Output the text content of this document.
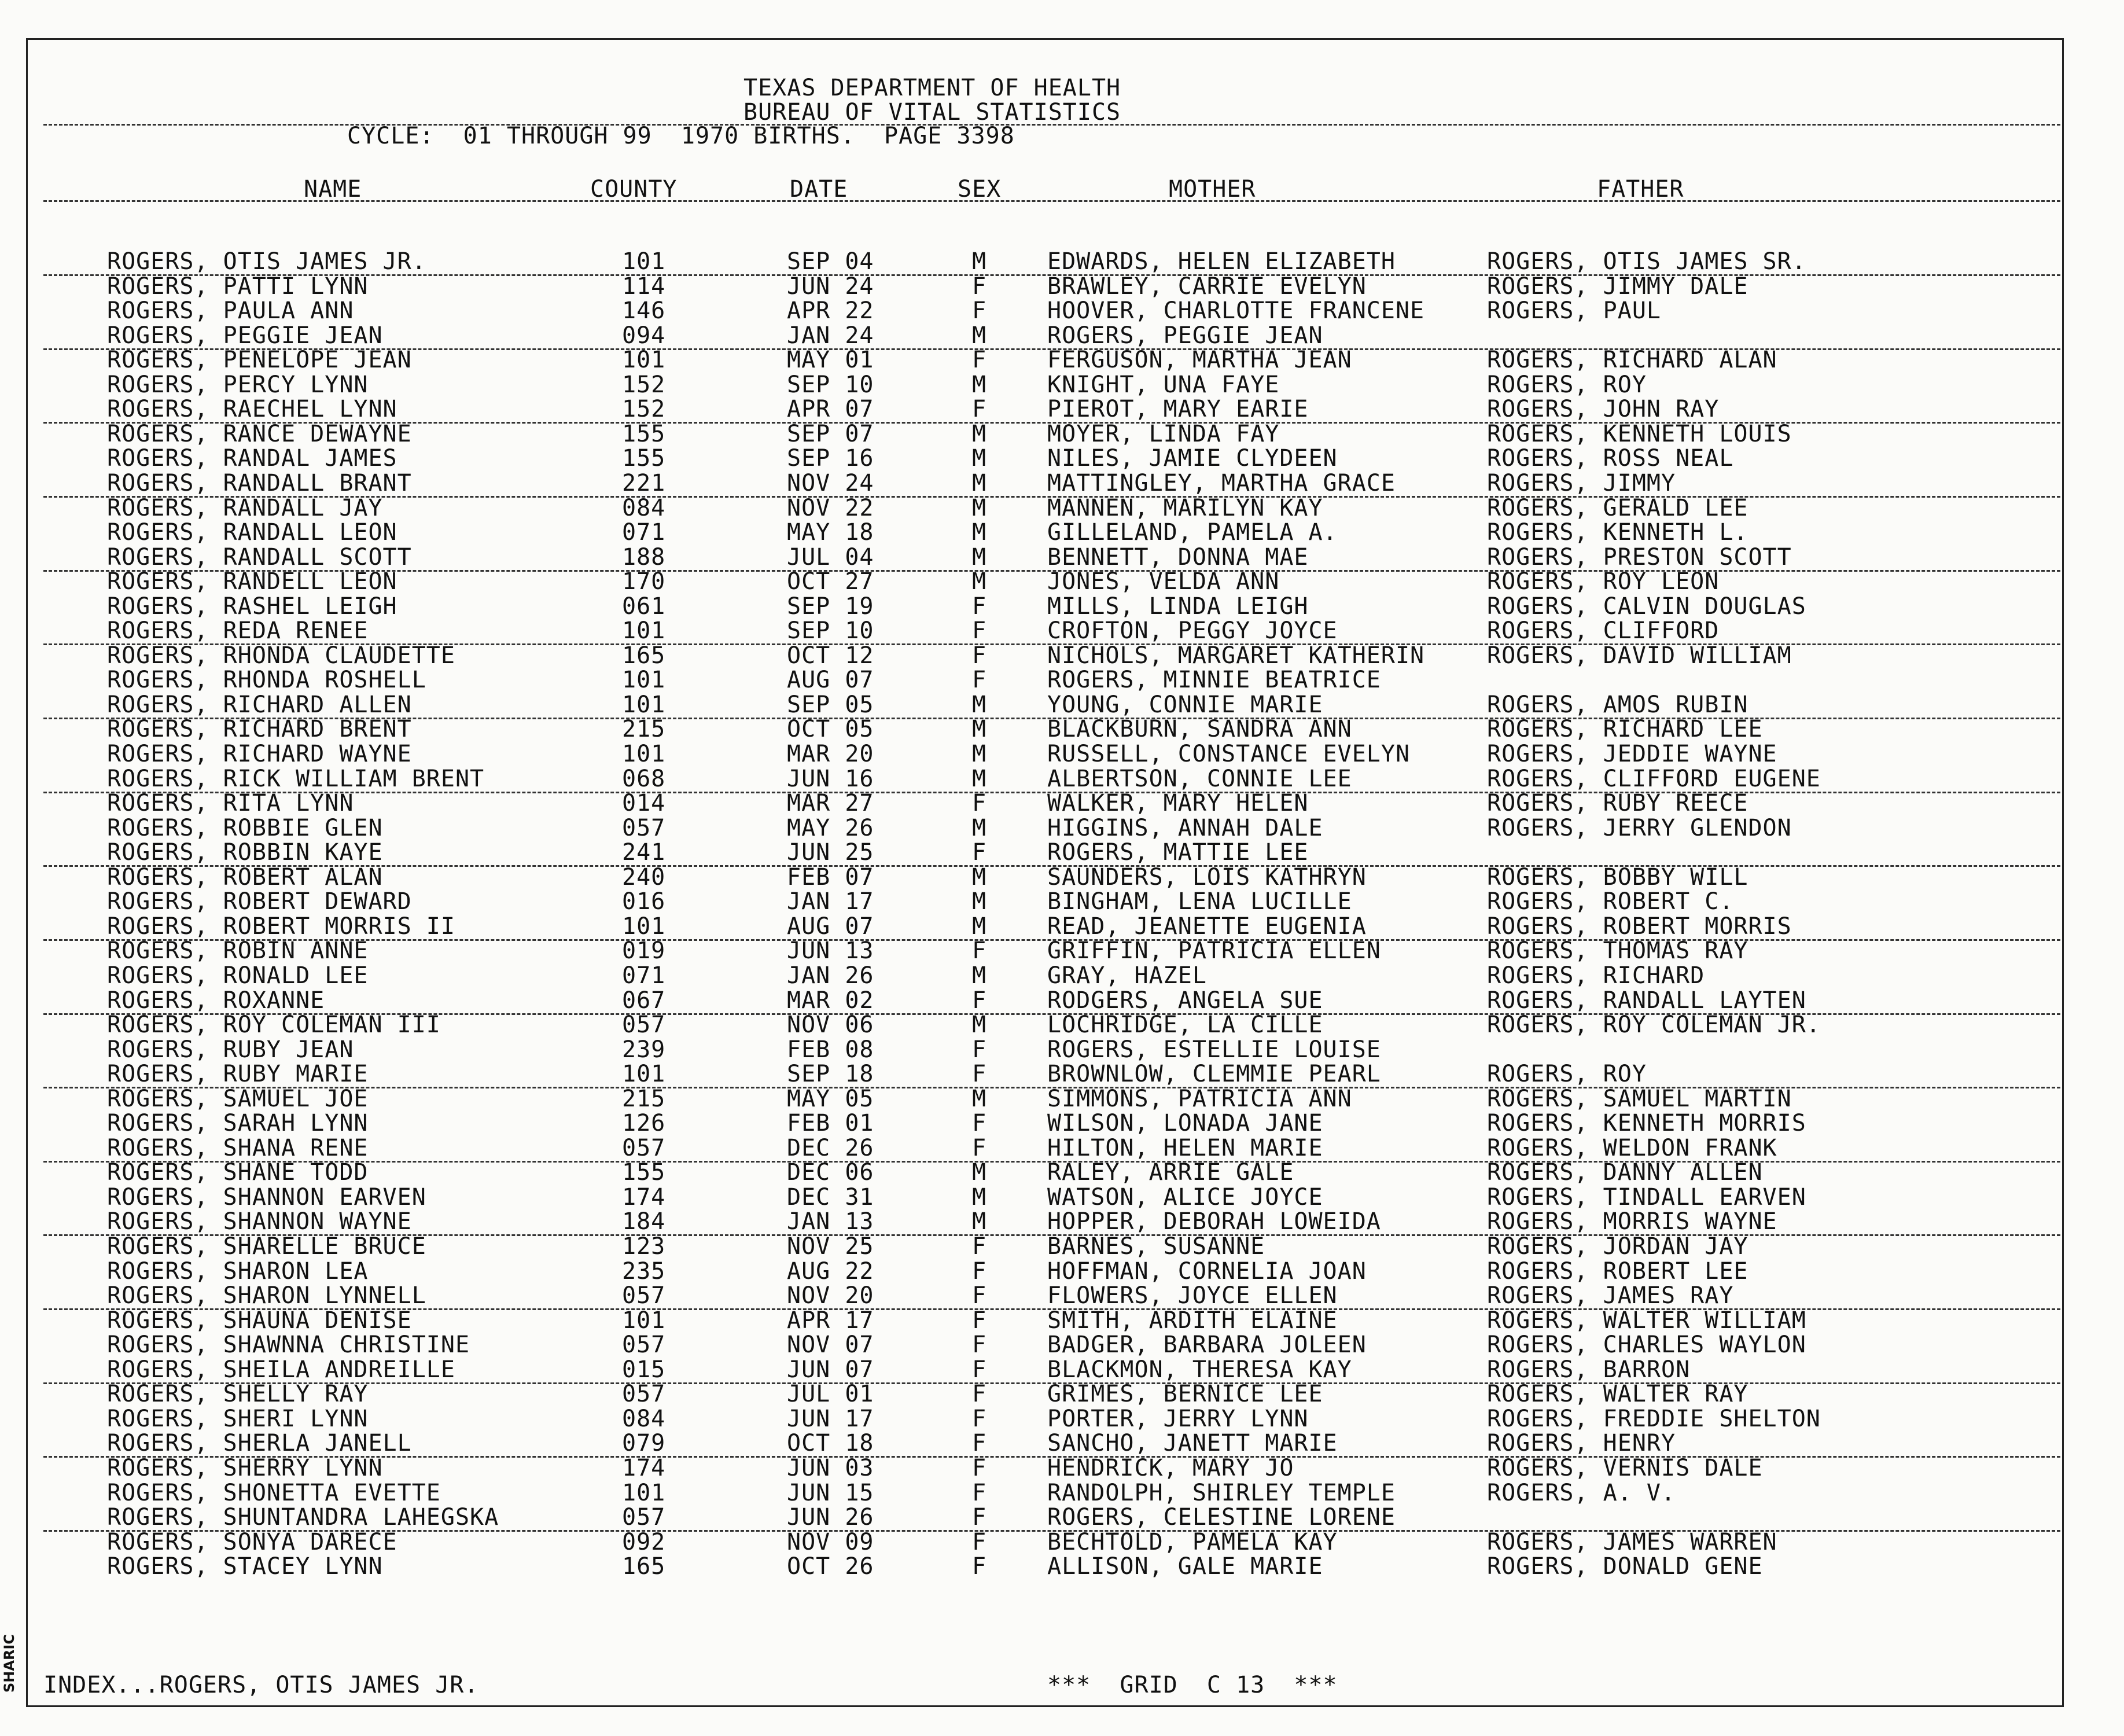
SHARIC
TEXAS DEPARTMENT OF HEALTH
BUREAU OF VITAL STATISTICS
CYCLE:  01 THROUGH 99  1970 BIRTHS.  PAGE 3398
NAME	COUNTY	DATE	SEX	MOTHER	FATHER
ROGERS, OTIS JAMES JR.	101	SEP 04	M	EDWARDS, HELEN ELIZABETH	ROGERS, OTIS JAMES SR.
ROGERS, PATTI LYNN	114	JUN 24	F	BRAWLEY, CARRIE EVELYN	ROGERS, JIMMY DALE
ROGERS, PAULA ANN	146	APR 22	F	HOOVER, CHARLOTTE FRANCENE	ROGERS, PAUL
ROGERS, PEGGIE JEAN	094	JAN 24	M	ROGERS, PEGGIE JEAN
ROGERS, PENELOPE JEAN	101	MAY 01	F	FERGUSON, MARTHA JEAN	ROGERS, RICHARD ALAN
ROGERS, PERCY LYNN	152	SEP 10	M	KNIGHT, UNA FAYE	ROGERS, ROY
ROGERS, RAECHEL LYNN	152	APR 07	F	PIEROT, MARY EARIE	ROGERS, JOHN RAY
ROGERS, RANCE DEWAYNE	155	SEP 07	M	MOYER, LINDA FAY	ROGERS, KENNETH LOUIS
ROGERS, RANDAL JAMES	155	SEP 16	M	NILES, JAMIE CLYDEEN	ROGERS, ROSS NEAL
ROGERS, RANDALL BRANT	221	NOV 24	M	MATTINGLEY, MARTHA GRACE	ROGERS, JIMMY
ROGERS, RANDALL JAY	084	NOV 22	M	MANNEN, MARILYN KAY	ROGERS, GERALD LEE
ROGERS, RANDALL LEON	071	MAY 18	M	GILLELAND, PAMELA A.	ROGERS, KENNETH L.
ROGERS, RANDALL SCOTT	188	JUL 04	M	BENNETT, DONNA MAE	ROGERS, PRESTON SCOTT
ROGERS, RANDELL LEON	170	OCT 27	M	JONES, VELDA ANN	ROGERS, ROY LEON
ROGERS, RASHEL LEIGH	061	SEP 19	F	MILLS, LINDA LEIGH	ROGERS, CALVIN DOUGLAS
ROGERS, REDA RENEE	101	SEP 10	F	CROFTON, PEGGY JOYCE	ROGERS, CLIFFORD
ROGERS, RHONDA CLAUDETTE	165	OCT 12	F	NICHOLS, MARGARET KATHERIN	ROGERS, DAVID WILLIAM
ROGERS, RHONDA ROSHELL	101	AUG 07	F	ROGERS, MINNIE BEATRICE
ROGERS, RICHARD ALLEN	101	SEP 05	M	YOUNG, CONNIE MARIE	ROGERS, AMOS RUBIN
ROGERS, RICHARD BRENT	215	OCT 05	M	BLACKBURN, SANDRA ANN	ROGERS, RICHARD LEE
ROGERS, RICHARD WAYNE	101	MAR 20	M	RUSSELL, CONSTANCE EVELYN	ROGERS, JEDDIE WAYNE
ROGERS, RICK WILLIAM BRENT	068	JUN 16	M	ALBERTSON, CONNIE LEE	ROGERS, CLIFFORD EUGENE
ROGERS, RITA LYNN	014	MAR 27	F	WALKER, MARY HELEN	ROGERS, RUBY REECE
ROGERS, ROBBIE GLEN	057	MAY 26	M	HIGGINS, ANNAH DALE	ROGERS, JERRY GLENDON
ROGERS, ROBBIN KAYE	241	JUN 25	F	ROGERS, MATTIE LEE
ROGERS, ROBERT ALAN	240	FEB 07	M	SAUNDERS, LOIS KATHRYN	ROGERS, BOBBY WILL
ROGERS, ROBERT DEWARD	016	JAN 17	M	BINGHAM, LENA LUCILLE	ROGERS, ROBERT C.
ROGERS, ROBERT MORRIS II	101	AUG 07	M	READ, JEANETTE EUGENIA	ROGERS, ROBERT MORRIS
ROGERS, ROBIN ANNE	019	JUN 13	F	GRIFFIN, PATRICIA ELLEN	ROGERS, THOMAS RAY
ROGERS, RONALD LEE	071	JAN 26	M	GRAY, HAZEL	ROGERS, RICHARD
ROGERS, ROXANNE	067	MAR 02	F	RODGERS, ANGELA SUE	ROGERS, RANDALL LAYTEN
ROGERS, ROY COLEMAN III	057	NOV 06	M	LOCHRIDGE, LA CILLE	ROGERS, ROY COLEMAN JR.
ROGERS, RUBY JEAN	239	FEB 08	F	ROGERS, ESTELLIE LOUISE
ROGERS, RUBY MARIE	101	SEP 18	F	BROWNLOW, CLEMMIE PEARL	ROGERS, ROY
ROGERS, SAMUEL JOE	215	MAY 05	M	SIMMONS, PATRICIA ANN	ROGERS, SAMUEL MARTIN
ROGERS, SARAH LYNN	126	FEB 01	F	WILSON, LONADA JANE	ROGERS, KENNETH MORRIS
ROGERS, SHANA RENE	057	DEC 26	F	HILTON, HELEN MARIE	ROGERS, WELDON FRANK
ROGERS, SHANE TODD	155	DEC 06	M	RALEY, ARRIE GALE	ROGERS, DANNY ALLEN
ROGERS, SHANNON EARVEN	174	DEC 31	M	WATSON, ALICE JOYCE	ROGERS, TINDALL EARVEN
ROGERS, SHANNON WAYNE	184	JAN 13	M	HOPPER, DEBORAH LOWEIDA	ROGERS, MORRIS WAYNE
ROGERS, SHARELLE BRUCE	123	NOV 25	F	BARNES, SUSANNE	ROGERS, JORDAN JAY
ROGERS, SHARON LEA	235	AUG 22	F	HOFFMAN, CORNELIA JOAN	ROGERS, ROBERT LEE
ROGERS, SHARON LYNNELL	057	NOV 20	F	FLOWERS, JOYCE ELLEN	ROGERS, JAMES RAY
ROGERS, SHAUNA DENISE	101	APR 17	F	SMITH, ARDITH ELAINE	ROGERS, WALTER WILLIAM
ROGERS, SHAWNNA CHRISTINE	057	NOV 07	F	BADGER, BARBARA JOLEEN	ROGERS, CHARLES WAYLON
ROGERS, SHEILA ANDREILLE	015	JUN 07	F	BLACKMON, THERESA KAY	ROGERS, BARRON
ROGERS, SHELLY RAY	057	JUL 01	F	GRIMES, BERNICE LEE	ROGERS, WALTER RAY
ROGERS, SHERI LYNN	084	JUN 17	F	PORTER, JERRY LYNN	ROGERS, FREDDIE SHELTON
ROGERS, SHERLA JANELL	079	OCT 18	F	SANCHO, JANETT MARIE	ROGERS, HENRY
ROGERS, SHERRY LYNN	174	JUN 03	F	HENDRICK, MARY JO	ROGERS, VERNIS DALE
ROGERS, SHONETTA EVETTE	101	JUN 15	F	RANDOLPH, SHIRLEY TEMPLE	ROGERS, A. V.
ROGERS, SHUNTANDRA LAHEGSKA	057	JUN 26	F	ROGERS, CELESTINE LORENE
ROGERS, SONYA DARECE	092	NOV 09	F	BECHTOLD, PAMELA KAY	ROGERS, JAMES WARREN
ROGERS, STACEY LYNN	165	OCT 26	F	ALLISON, GALE MARIE	ROGERS, DONALD GENE
INDEX...ROGERS, OTIS JAMES JR.	***  GRID  C 13  ***
